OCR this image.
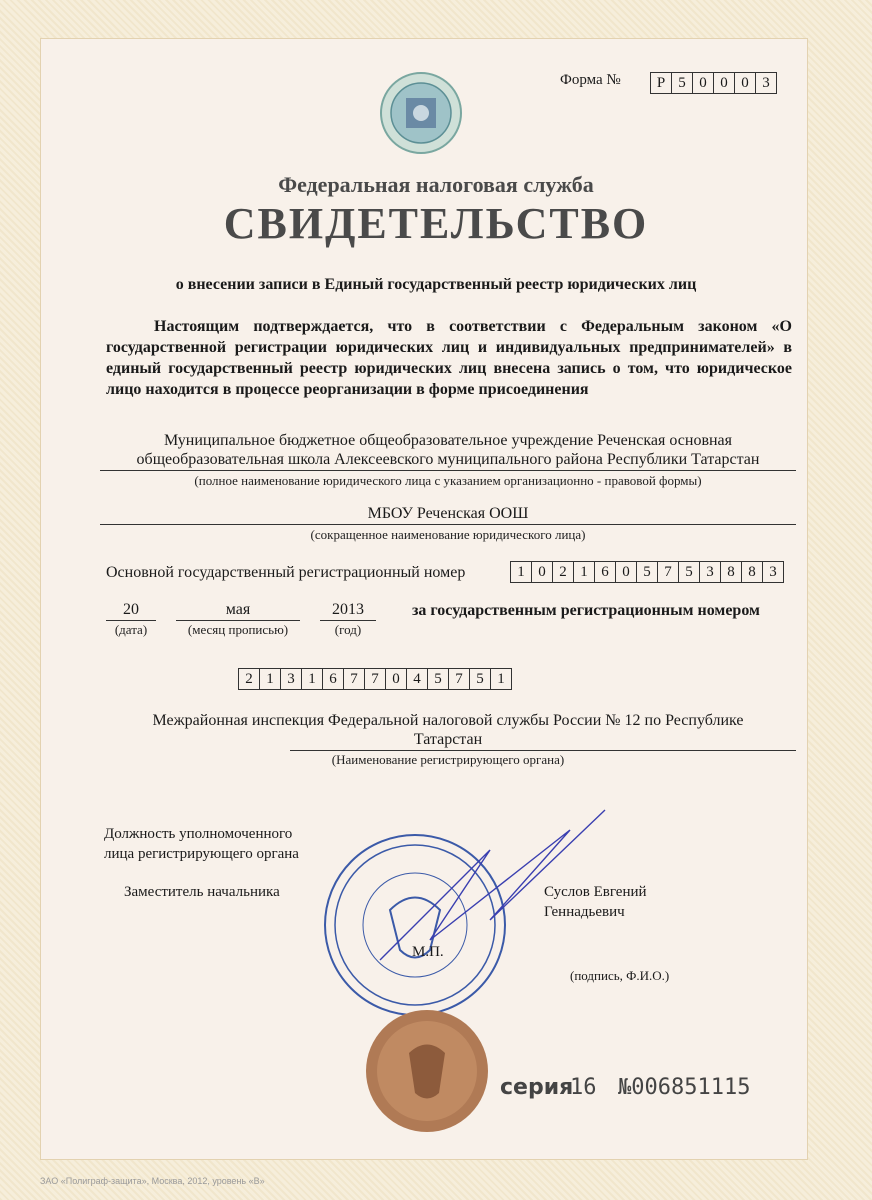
Форма №	Р 5 0 0 0 3
Федеральная налоговая служба
СВИДЕТЕЛЬСТВО
о внесении записи в Единый государственный реестр юридических лиц
Настоящим подтверждается, что в соответствии с Федеральным законом «О государственной регистрации юридических лиц и индивидуальных предпринимателей» в единый государственный реестр юридических лиц внесена запись о том, что юридическое лицо находится в процессе реорганизации в форме присоединения
Муниципальное бюджетное общеобразовательное учреждение Реченская основная
общеобразовательная школа Алексеевского муниципального района Республики Татарстан
(полное наименование юридического лица с указанием организационно - правовой формы)
МБОУ Реченская ООШ
(сокращенное наименование юридического лица)
Основной государственный регистрационный номер	1 0 2 1 6 0 5 7 5 3 8 8 3
20
(дата)
мая
(месяц прописью)
2013
(год)
за государственным регистрационным номером
2 1 3 1 6 7 7 0 4 5 7 5 1
Межрайонная инспекция Федеральной налоговой службы России № 12 по Республике
Татарстан
(Наименование регистрирующего органа)
Должность уполномоченного
лица регистрирующего органа
Заместитель начальника	Суслов Евгений
Геннадьевич
(подпись, Ф.И.О.)
М.П.
серия
16 №006851115
ЗАО «Полиграф-защита», Москва, 2012, уровень «В»
